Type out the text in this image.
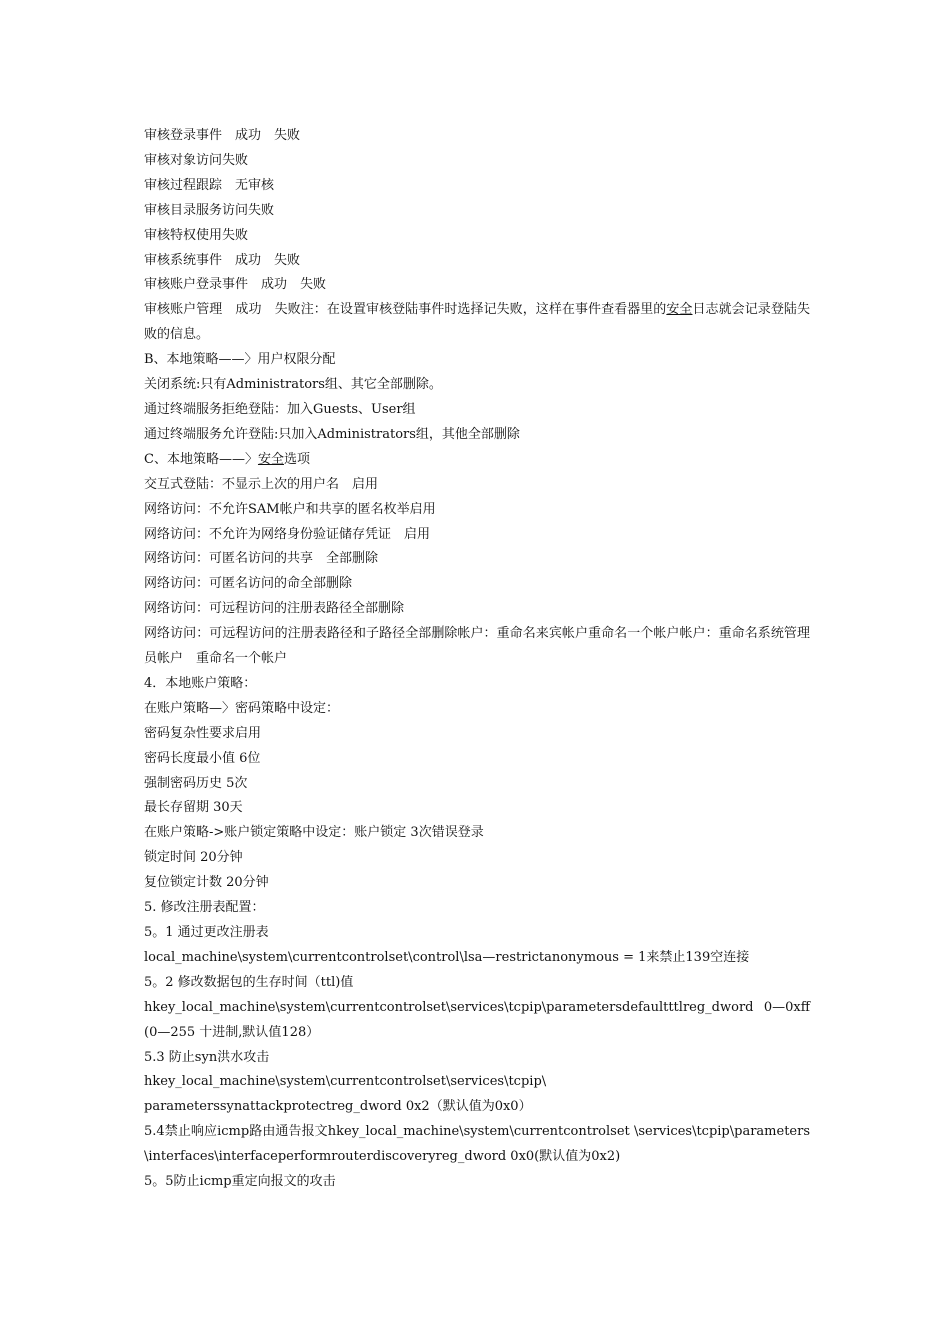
审核登录事件　成功　失败
审核对象访问失败
审核过程跟踪　无审核
审核目录服务访问失败
审核特权使用失败
审核系统事件　成功　失败
审核账户登录事件　成功　失败
审核账户管理　成功　失败注：在设置审核登陆事件时选择记失败，这样在事件查看器里的安全日志就会记录登陆失败的信息。
B、本地策略——〉用户权限分配
关闭系统:只有Administrators组、其它全部删除。
通过终端服务拒绝登陆：加入Guests、User组
通过终端服务允许登陆:只加入Administrators组，其他全部删除
C、本地策略——〉安全选项
交互式登陆：不显示上次的用户名　启用
网络访问：不允许SAM帐户和共享的匿名枚举启用
网络访问：不允许为网络身份验证储存凭证　启用
网络访问：可匿名访问的共享　全部删除
网络访问：可匿名访问的命全部删除
网络访问：可远程访问的注册表路径全部删除
网络访问：可远程访问的注册表路径和子路径全部删除帐户：重命名来宾帐户重命名一个帐户帐户：重命名系统管理员帐户　重命名一个帐户
4．本地账户策略：
在账户策略—〉密码策略中设定：
密码复杂性要求启用
密码长度最小值 6位
强制密码历史 5次
最长存留期 30天
在账户策略->账户锁定策略中设定：账户锁定 3次错误登录
锁定时间 20分钟
复位锁定计数 20分钟
5. 修改注册表配置：
5。1 通过更改注册表
local_machine\system\currentcontrolset\control\lsa—restrictanonymous = 1来禁止139空连接
5。2 修改数据包的生存时间（ttl)值
hkey_local_machine\system\currentcontrolset\services\tcpip\parametersdefaultttlreg_dword 0—0xff(0—255 十进制,默认值128）
5.3 防止syn洪水攻击
hkey_local_machine\system\currentcontrolset\services\tcpip\
parameterssynattackprotectreg_dword 0x2（默认值为0x0）
5.4禁止响应icmp路由通告报文hkey_local_machine\system\currentcontrolset \services\tcpip\parameters\interfaces\interfaceperformrouterdiscoveryreg_dword 0x0(默认值为0x2)
5。5防止icmp重定向报文的攻击
